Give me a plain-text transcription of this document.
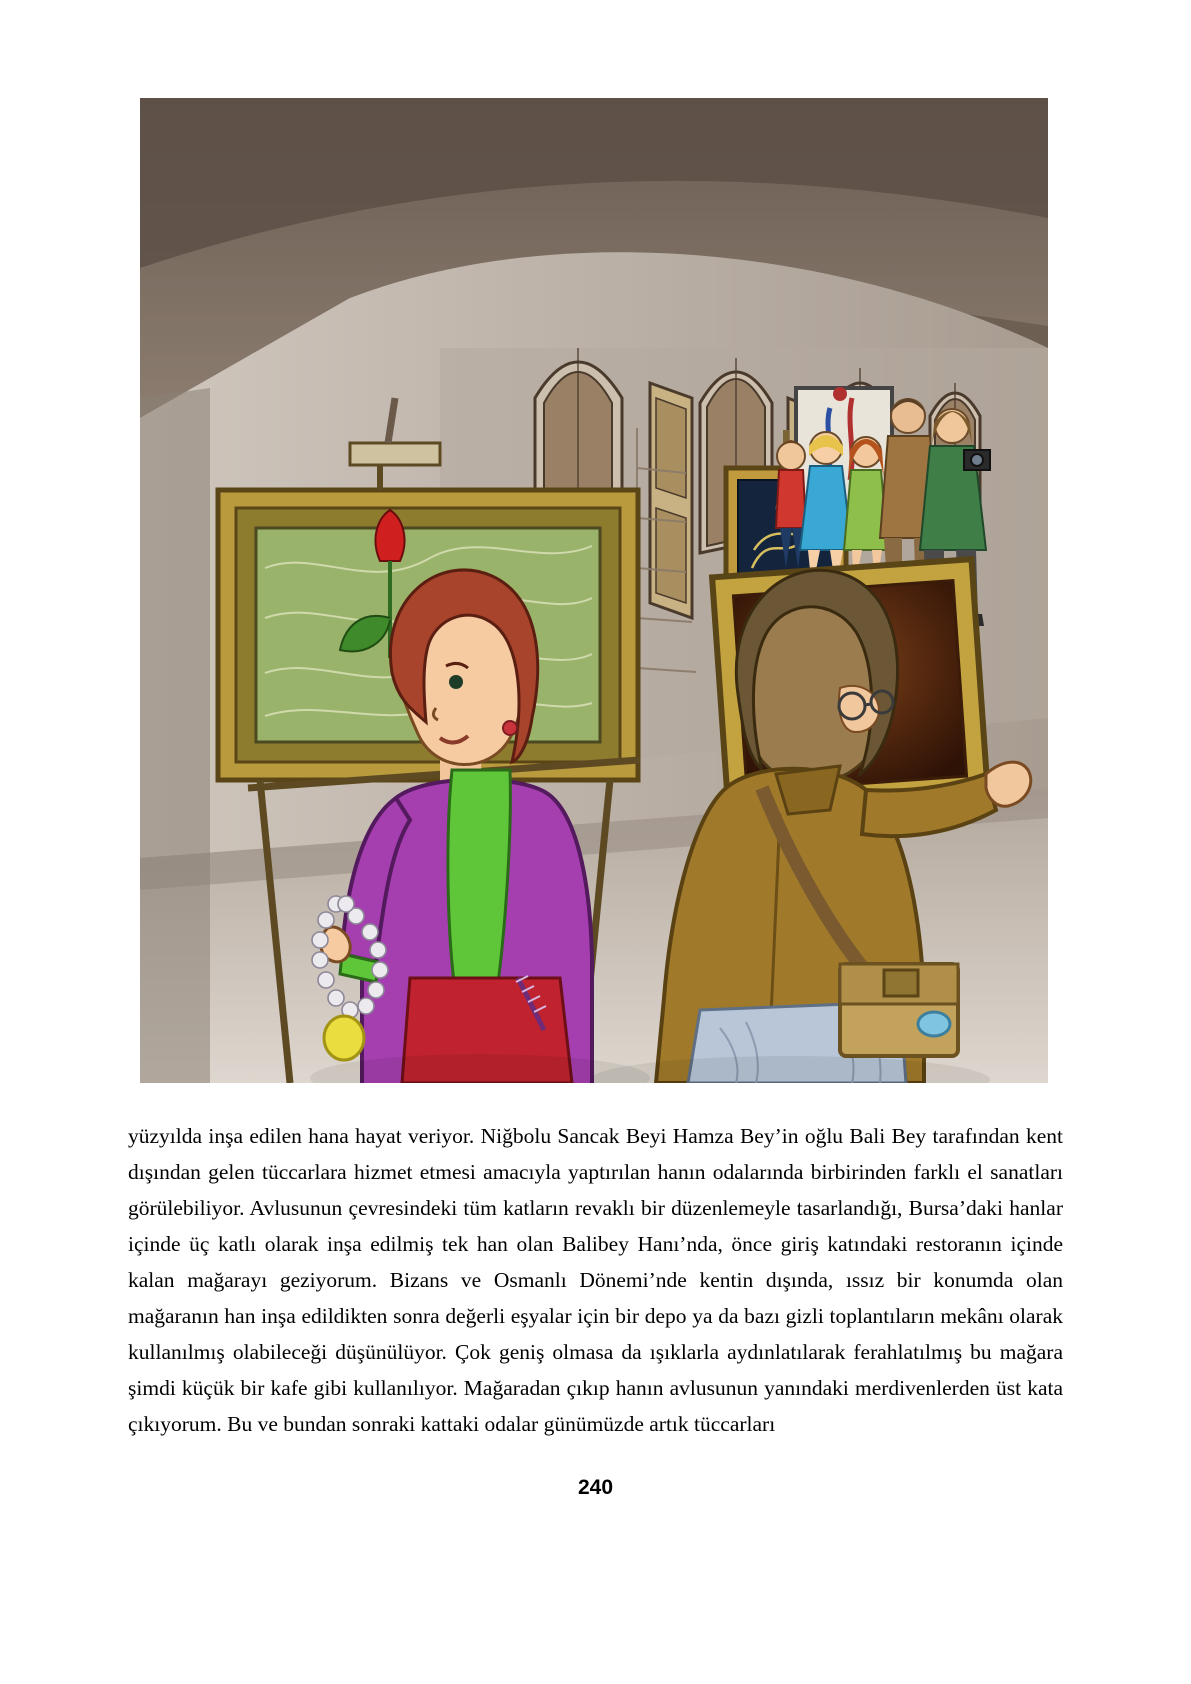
yüzyılda inşa edilen hana hayat veriyor. Niğbolu Sancak Beyi Hamza Bey’in oğlu Bali Bey tarafından kent dışından gelen tüccarlara hizmet etmesi amacıyla yaptırılan hanın odalarında birbirinden farklı el sanatları görülebiliyor. Avlusunun çevresindeki tüm katların revaklı bir düzenlemeyle tasarlandığı, Bursa’daki hanlar içinde üç katlı olarak inşa edilmiş tek han olan Balibey Hanı’nda, önce giriş katındaki restoranın içinde kalan mağarayı geziyorum. Bizans ve Osmanlı Dönemi’nde kentin dışında, ıssız bir konumda olan mağaranın han inşa edildikten sonra değerli eşyalar için bir depo ya da bazı gizli toplantıların mekânı olarak kullanılmış olabileceği düşünülüyor. Çok geniş olmasa da ışıklarla aydınlatılarak ferahlatılmış bu mağara şimdi küçük bir kafe gibi kullanılıyor. Mağaradan çıkıp hanın avlusunun yanındaki merdivenlerden üst kata çıkıyorum. Bu ve bundan sonraki kattaki odalar günümüzde artık tüccarları

240
